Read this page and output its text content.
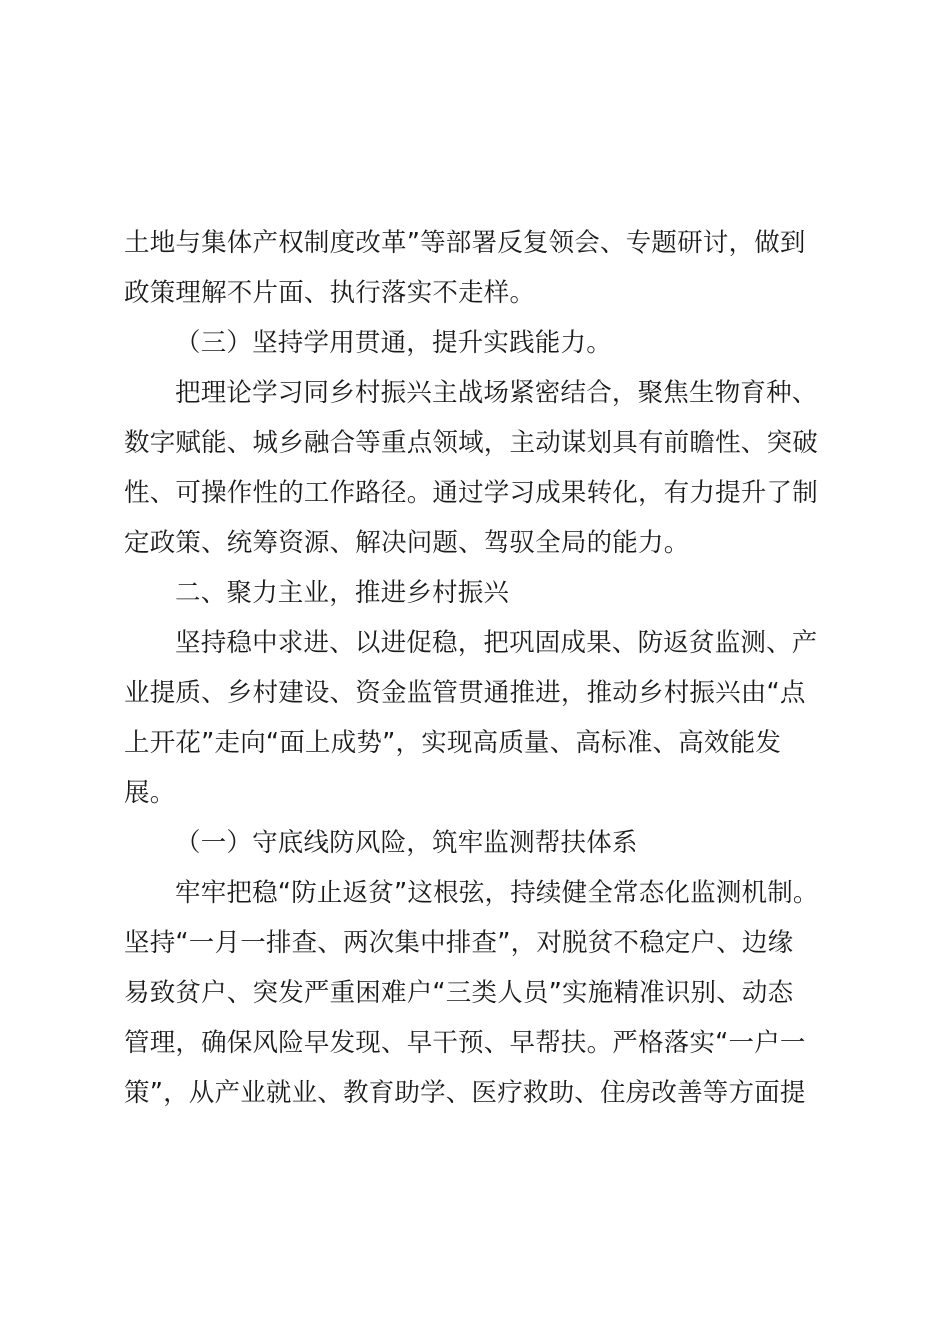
土地与集体产权制度改革”等部署反复领会、专题研讨，做到
政策理解不片面、执行落实不走样。
（三）坚持学用贯通，提升实践能力。
把理论学习同乡村振兴主战场紧密结合，聚焦生物育种、
数字赋能、城乡融合等重点领域，主动谋划具有前瞻性、突破
性、可操作性的工作路径。通过学习成果转化，有力提升了制
定政策、统筹资源、解决问题、驾驭全局的能力。
二、聚力主业，推进乡村振兴
坚持稳中求进、以进促稳，把巩固成果、防返贫监测、产
业提质、乡村建设、资金监管贯通推进，推动乡村振兴由“点
上开花”走向“面上成势”，实现高质量、高标准、高效能发
展。
（一）守底线防风险，筑牢监测帮扶体系
牢牢把稳“防止返贫”这根弦，持续健全常态化监测机制。
坚持“一月一排查、两次集中排查”，对脱贫不稳定户、边缘
易致贫户、突发严重困难户“三类人员”实施精准识别、动态
管理，确保风险早发现、早干预、早帮扶。严格落实“一户一
策”，从产业就业、教育助学、医疗救助、住房改善等方面提
